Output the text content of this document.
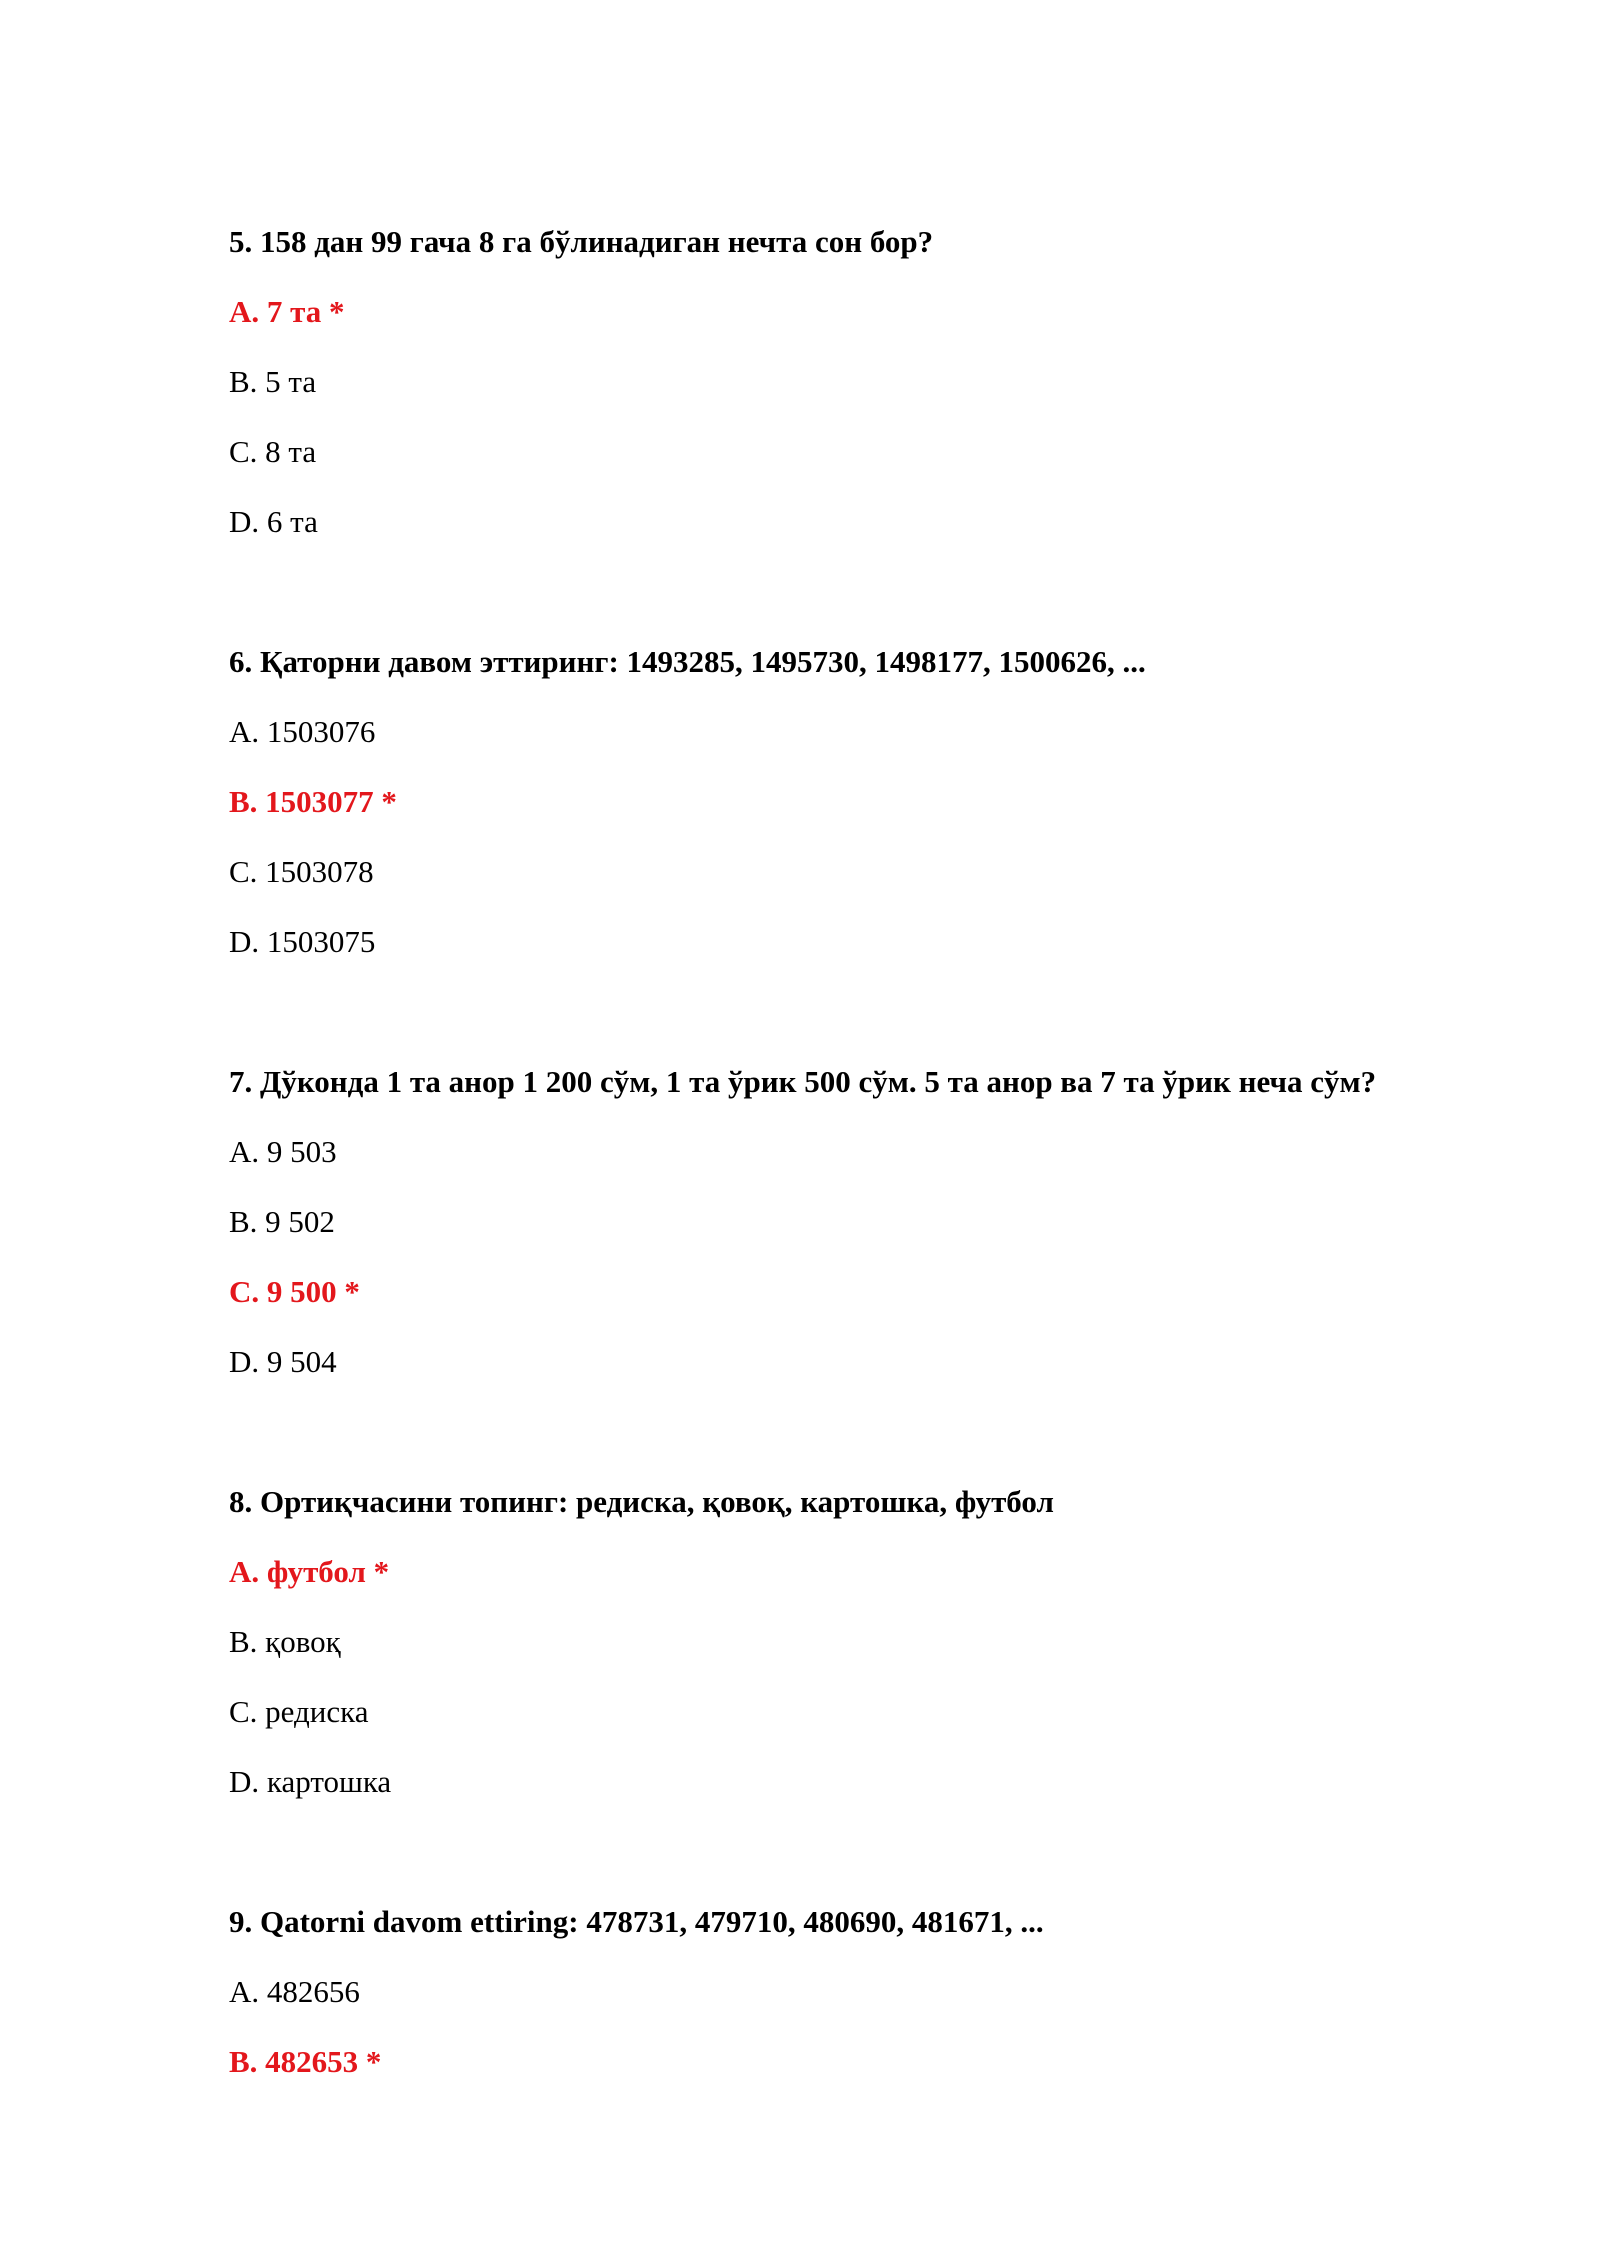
5. 158 дан 99 гача 8 га бўлинадиган нечта сон бор?
A. 7 та *
B. 5 та
C. 8 та
D. 6 та
6. Қаторни давом эттиринг: 1493285, 1495730, 1498177, 1500626, ...
A. 1503076
B. 1503077 *
C. 1503078
D. 1503075
7. Дўконда 1 та анор 1 200 сўм, 1 та ўрик 500 сўм. 5 та анор ва 7 та ўрик неча сўм?
A. 9 503
B. 9 502
C. 9 500 *
D. 9 504
8. Ортиқчасини топинг: редиска, қовоқ, картошка, футбол
A. футбол *
B. қовоқ
C. редиска
D. картошка
9. Qatorni davom ettiring: 478731, 479710, 480690, 481671, ...
A. 482656
B. 482653 *
